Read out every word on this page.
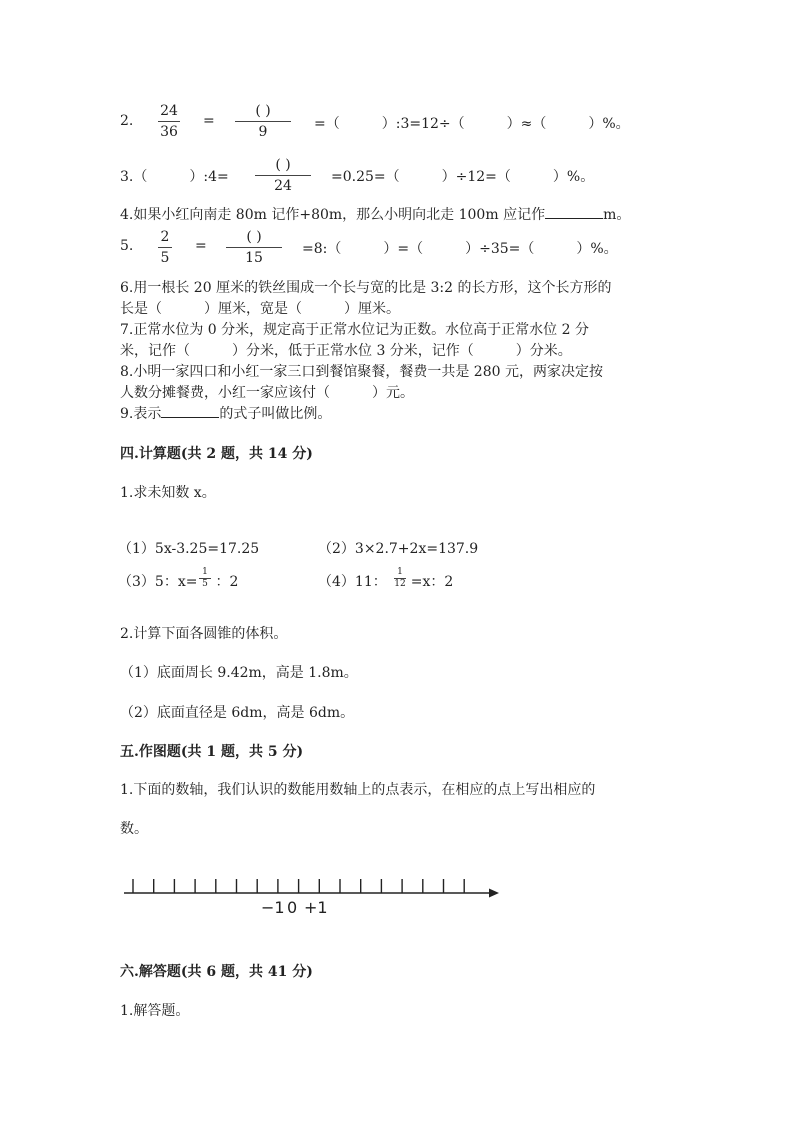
2.
24
36
=
( )
9	=（　　　）:3=12÷（　　　）≈（　　　）%。
3.（　　　）:4=
( )
24
=0.25=（　　　）÷12=（　　　）%。
4.如果小红向南走 80m 记作+80m，那么小明向北走 100m 应记作	m。
5.
2
5
=
( )
15
=8:（　　　）=（　　　）÷35=（　　　）%。
6.用一根长 20 厘米的铁丝围成一个长与宽的比是 3:2 的长方形，这个长方形的
长是（　　　）厘米，宽是（　　　）厘米。
7.正常水位为 0 分米，规定高于正常水位记为正数。水位高于正常水位 2 分
米，记作（　　　）分米，低于正常水位 3 分米，记作（　　　）分米。
8.小明一家四口和小红一家三口到餐馆聚餐，餐费一共是 280 元，两家决定按
人数分摊餐费，小红一家应该付（　　　）元。
9.表示	的式子叫做比例。
四.计算题(共 2 题，共 14 分)
1.求未知数 x。
（1）5x-3.25=17.25	（2）3×2.7+2x=137.9
（3）5：x= ：2
1
5	（4）11： =x：2
1
12
2.计算下面各圆锥的体积。
（1）底面周长 9.42m，高是 1.8m。
（2）底面直径是 6dm，高是 6dm。
五.作图题(共 1 题，共 5 分)
1.下面的数轴，我们认识的数能用数轴上的点表示，在相应的点上写出相应的
数。
−1 0 +1
六.解答题(共 6 题，共 41 分)
1.解答题。
